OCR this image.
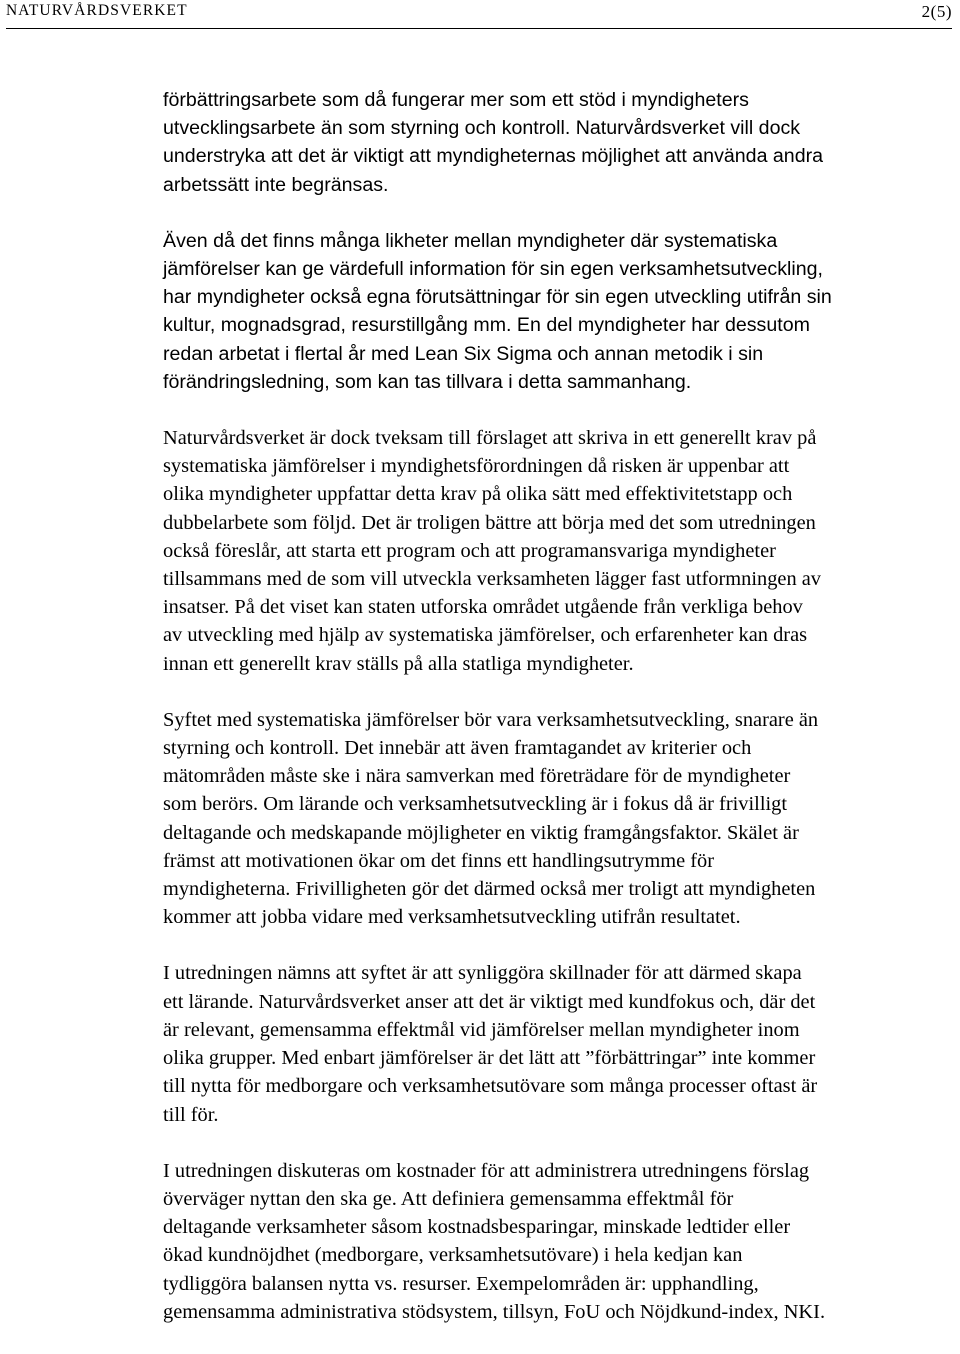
NATURVÅRDSVERKET	2(5)

förbättringsarbete som då fungerar mer som ett stöd i myndigheters
utvecklingsarbete än som styrning och kontroll. Naturvårdsverket vill dock
understryka att det är viktigt att myndigheternas möjlighet att använda andra
arbetssätt inte begränsas.

Även då det finns många likheter mellan myndigheter där systematiska
jämförelser kan ge värdefull information för sin egen verksamhetsutveckling,
har myndigheter också egna förutsättningar för sin egen utveckling utifrån sin
kultur, mognadsgrad, resurstillgång mm. En del myndigheter har dessutom
redan arbetat i flertal år med Lean Six Sigma och annan metodik i sin
förändringsledning, som kan tas tillvara i detta sammanhang.

Naturvårdsverket är dock tveksam till förslaget att skriva in ett generellt krav på
systematiska jämförelser i myndighetsförordningen då risken är uppenbar att
olika myndigheter uppfattar detta krav på olika sätt med effektivitetstapp och
dubbelarbete som följd. Det är troligen bättre att börja med det som utredningen
också föreslår, att starta ett program och att programansvariga myndigheter
tillsammans med de som vill utveckla verksamheten lägger fast utformningen av
insatser. På det viset kan staten utforska området utgående från verkliga behov
av utveckling med hjälp av systematiska jämförelser, och erfarenheter kan dras
innan ett generellt krav ställs på alla statliga myndigheter.

Syftet med systematiska jämförelser bör vara verksamhetsutveckling, snarare än
styrning och kontroll. Det innebär att även framtagandet av kriterier och
mätområden måste ske i nära samverkan med företrädare för de myndigheter
som berörs. Om lärande och verksamhetsutveckling är i fokus då är frivilligt
deltagande och medskapande möjligheter en viktig framgångsfaktor. Skälet är
främst att motivationen ökar om det finns ett handlingsutrymme för
myndigheterna. Frivilligheten gör det därmed också mer troligt att myndigheten
kommer att jobba vidare med verksamhetsutveckling utifrån resultatet.

I utredningen nämns att syftet är att synliggöra skillnader för att därmed skapa
ett lärande. Naturvårdsverket anser att det är viktigt med kundfokus och, där det
är relevant, gemensamma effektmål vid jämförelser mellan myndigheter inom
olika grupper. Med enbart jämförelser är det lätt att ”förbättringar” inte kommer
till nytta för medborgare och verksamhetsutövare som många processer oftast är
till för.

I utredningen diskuteras om kostnader för att administrera utredningens förslag
överväger nyttan den ska ge. Att definiera gemensamma effektmål för
deltagande verksamheter såsom kostnadsbesparingar, minskade ledtider eller
ökad kundnöjdhet (medborgare, verksamhetsutövare) i hela kedjan kan
tydliggöra balansen nytta vs. resurser. Exempelområden är: upphandling,
gemensamma administrativa stödsystem, tillsyn, FoU och Nöjdkund-index, NKI.
